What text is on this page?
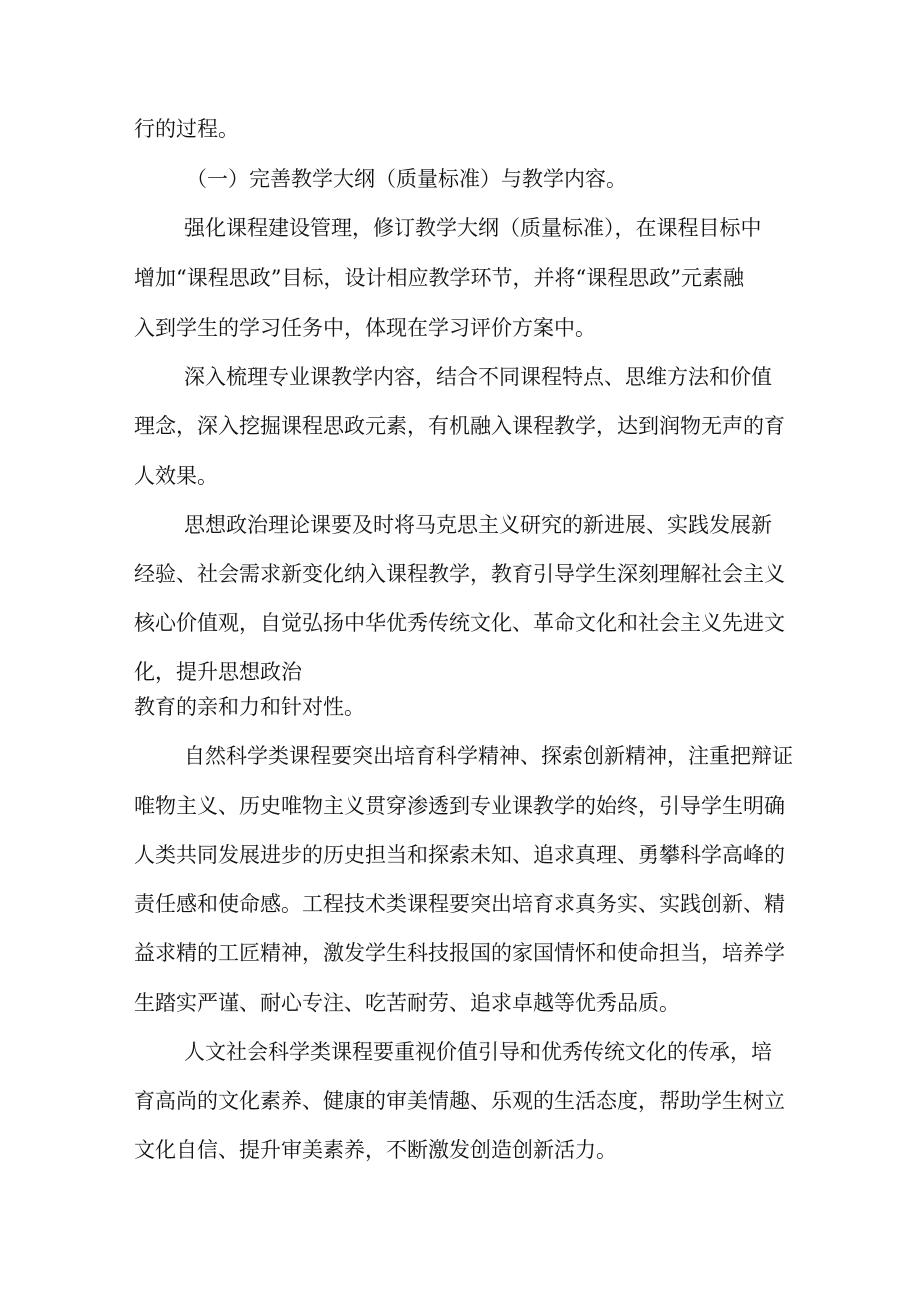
行的过程。
（一）完善教学大纲（质量标准）与教学内容。
强化课程建设管理，修订教学大纲（质量标准），在课程目标中
增加“课程思政”目标，设计相应教学环节，并将“课程思政”元素融
入到学生的学习任务中，体现在学习评价方案中。
深入梳理专业课教学内容，结合不同课程特点、思维方法和价值
理念，深入挖掘课程思政元素，有机融入课程教学，达到润物无声的育
人效果。
思想政治理论课要及时将马克思主义研究的新进展、实践发展新
经验、社会需求新变化纳入课程教学，教育引导学生深刻理解社会主义
核心价值观，自觉弘扬中华优秀传统文化、革命文化和社会主义先进文
化，提升思想政治
教育的亲和力和针对性。
自然科学类课程要突出培育科学精神、探索创新精神，注重把辩证
唯物主义、历史唯物主义贯穿渗透到专业课教学的始终，引导学生明确
人类共同发展进步的历史担当和探索未知、追求真理、勇攀科学高峰的
责任感和使命感。工程技术类课程要突出培育求真务实、实践创新、精
益求精的工匠精神，激发学生科技报国的家国情怀和使命担当，培养学
生踏实严谨、耐心专注、吃苦耐劳、追求卓越等优秀品质。
人文社会科学类课程要重视价值引导和优秀传统文化的传承，培
育高尚的文化素养、健康的审美情趣、乐观的生活态度，帮助学生树立
文化自信、提升审美素养，不断激发创造创新活力。
